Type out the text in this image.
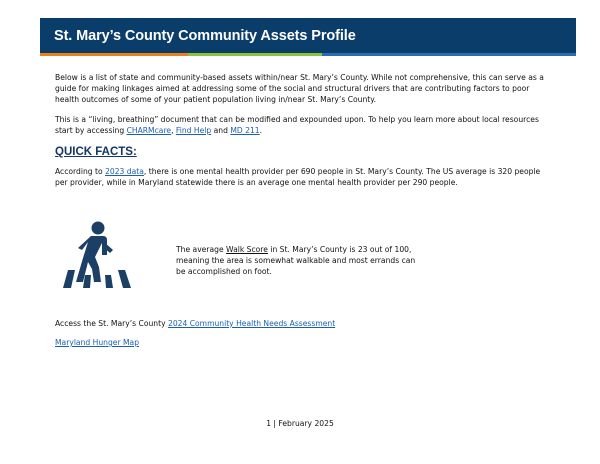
St. Mary’s County Community Assets Profile

Below is a list of state and community-based assets within/near St. Mary’s County. While not comprehensive, this can serve as a guide for making linkages aimed at addressing some of the social and structural drivers that are contributing factors to poor health outcomes of some of your patient population living in/near St. Mary’s County.

This is a “living, breathing” document that can be modified and expounded upon. To help you learn more about local resources start by accessing CHARMcare, Find Help and MD 211.

QUICK FACTS:

According to 2023 data, there is one mental health provider per 690 people in St. Mary’s County. The US average is 320 people per provider, while in Maryland statewide there is an average one mental health provider per 290 people.

The average Walk Score in St. Mary’s County is 23 out of 100, meaning the area is somewhat walkable and most errands can be accomplished on foot.

Access the St. Mary’s County 2024 Community Health Needs Assessment

Maryland Hunger Map

1 | February 2025
